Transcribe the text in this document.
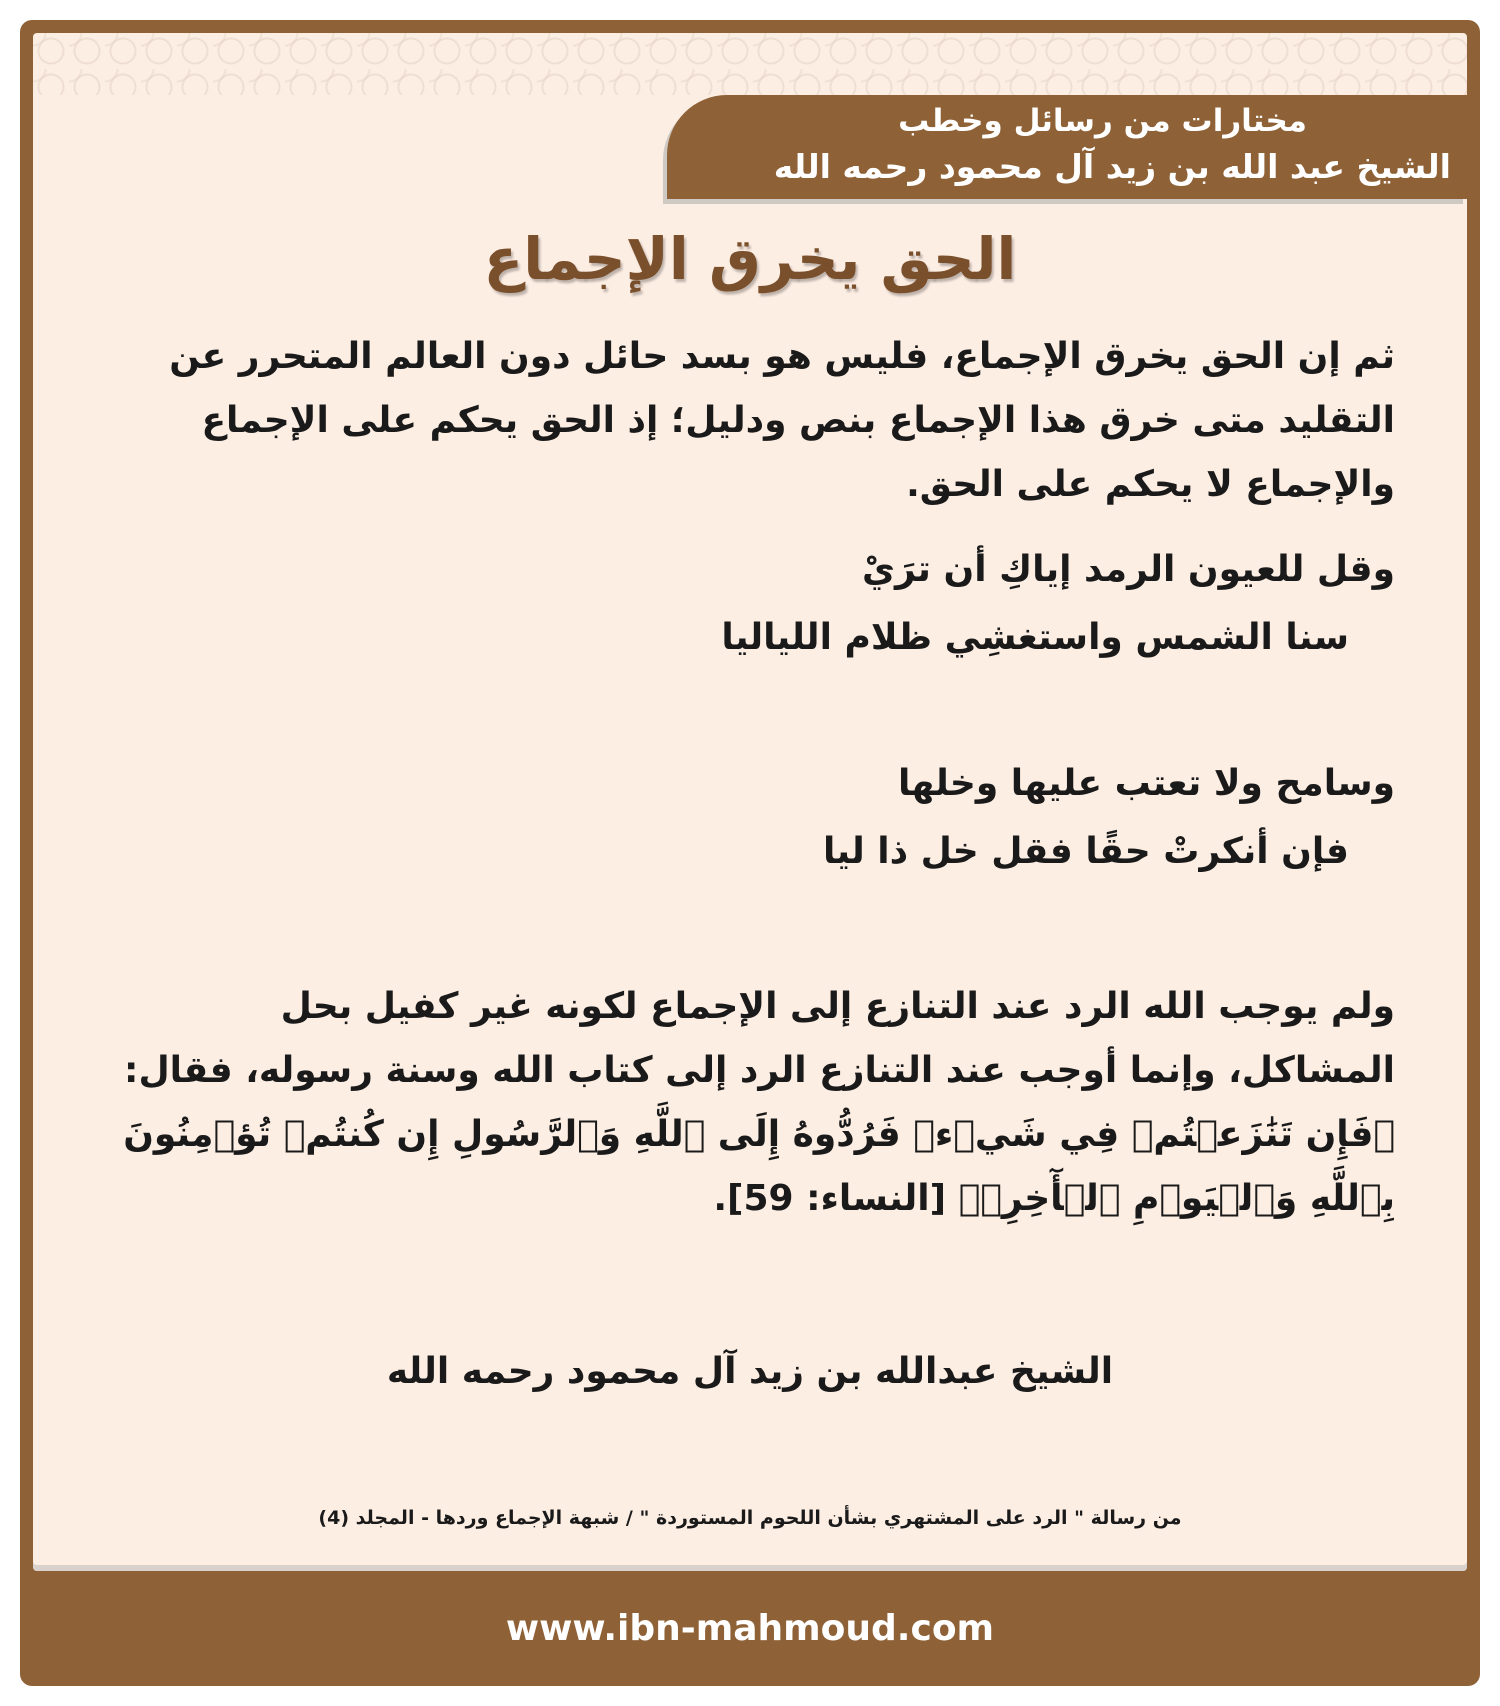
مختارات من رسائل وخطب
الشيخ عبد الله بن زيد آل محمود رحمه الله
الحق يخرق الإجماع
ثم إن الحق يخرق الإجماع، فليس هو بسد حائل دون العالم المتحرر عن التقليد متى خرق هذا الإجماع بنص ودليل؛ إذ الحق يحكم على الإجماع والإجماع لا يحكم على الحق.
وقل للعيون الرمد إياكِ أن ترَيْ
سنا الشمس واستغشِي ظلام اللياليا
وسامح ولا تعتب عليها وخلها
فإن أنكرتْ حقًا فقل خل ذا ليا
ولم يوجب الله الرد عند التنازع إلى الإجماع لكونه غير كفيل بحل المشاكل، وإنما أوجب عند التنازع الرد إلى كتاب الله وسنة رسوله، فقال: ﴿فَإِن تَنَٰزَعۡتُمۡ فِي شَيۡءٖ فَرُدُّوهُ إِلَى ٱللَّهِ وَٱلرَّسُولِ إِن كُنتُمۡ تُؤۡمِنُونَ بِٱللَّهِ وَٱلۡيَوۡمِ ٱلۡأٓخِرِۚ﴾ [النساء: 59].
الشيخ عبدالله بن زيد آل محمود رحمه الله
من رسالة " الرد على المشتهري بشأن اللحوم المستوردة " / شبهة الإجماع وردها - المجلد (4)
www.ibn-mahmoud.com
